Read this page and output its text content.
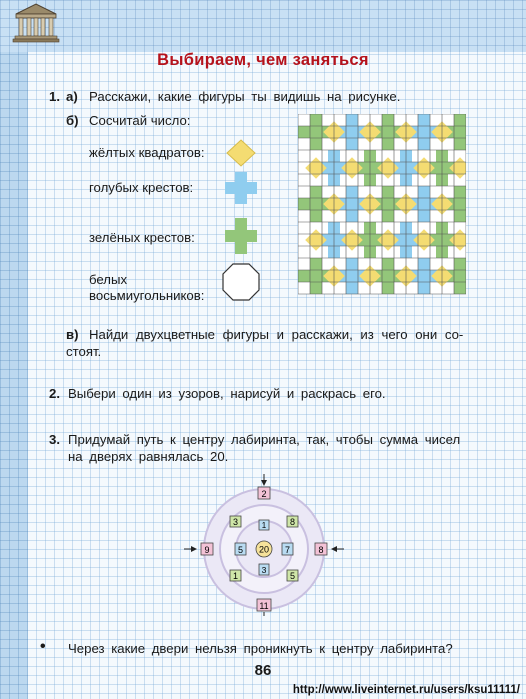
Выбираем, чем заняться
1. а) Расскажи, какие фигуры ты видишь на рисунке.
б) Сосчитай число:
жёлтых квадратов:
голубых крестов:
зелёных крестов:
белых
восьмиугольников:
в) Найди двухцветные фигуры и расскажи, из чего они со-
стоят.
2. Выбери один из узоров, нарисуй и раскрась его.
3. Придумай путь к центру лабиринта, так, чтобы сумма чисел
на дверях равнялась 20.
2
11
9	8
3	8
1	5
5	7
1
3
20
• Через какие двери нельзя проникнуть к центру лабиринта?
86
http://www.liveinternet.ru/users/ksu11111/
